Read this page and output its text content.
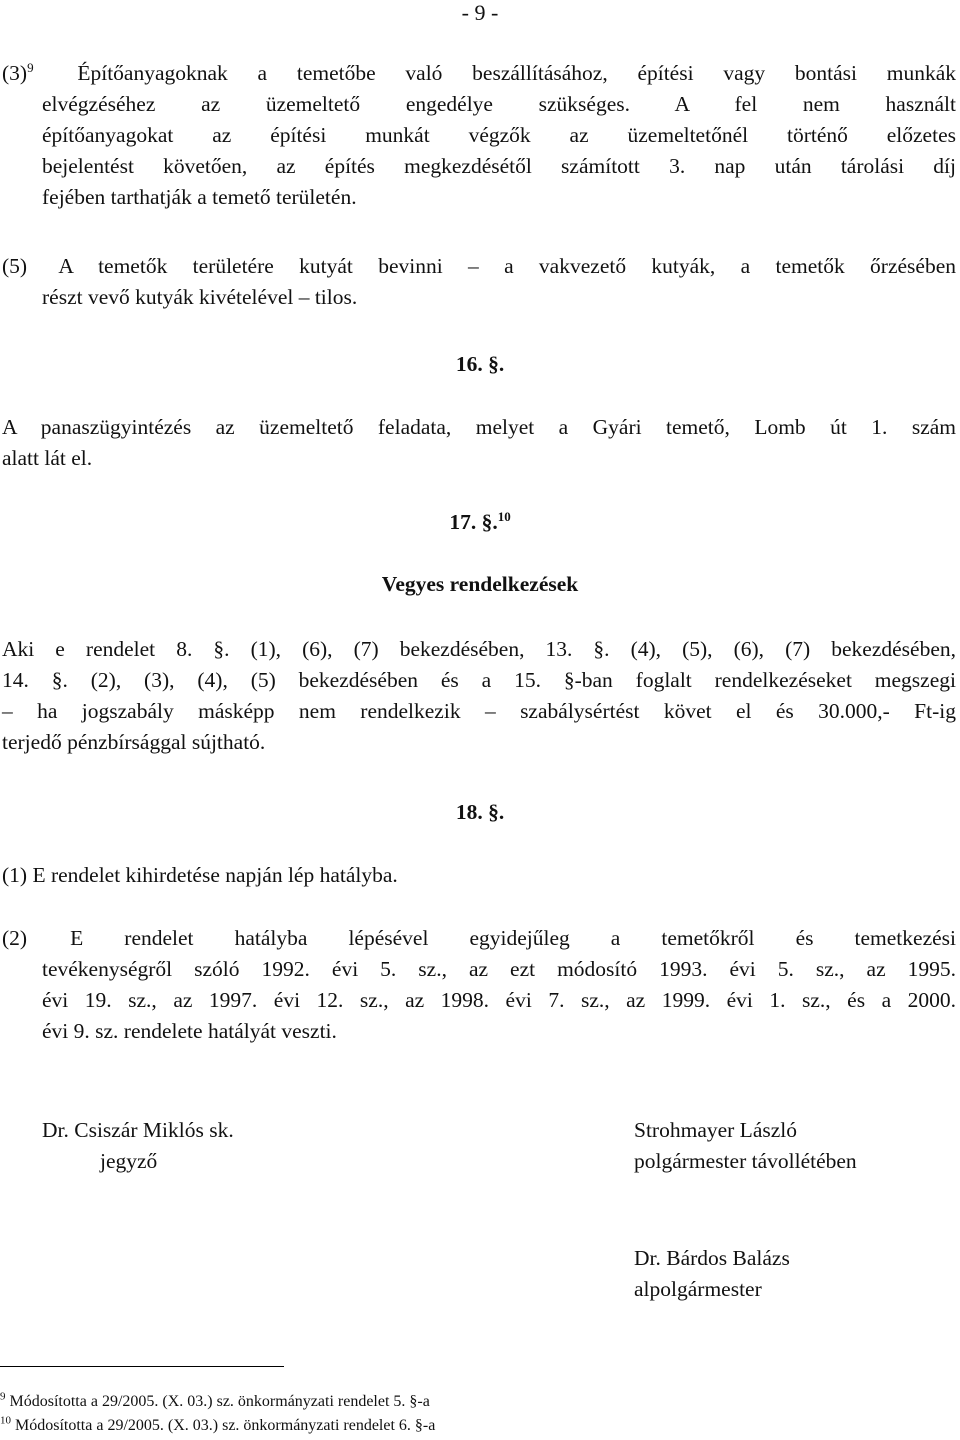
- 9 -

$(3)^9$ Építőanyagoknak a temetőbe való beszállításához, építési vagy bontási munkák

elvégzéséhez az üzemeltető engedélye szükséges. A fel nem használt

építőanyagokat az építési munkát végzők az üzemeltetőnél történő előzetes

bejelentést követően, az építés megkezdésétől számított 3. nap után tárolási díj

fejében tarthatják a temető területén.

(5) A temetők területére kutyát bevinni – a vakvezető kutyák, a temetők őrzésében

részt vevő kutyák kivételével – tilos.

16. §.

A panaszügyintézés az üzemeltető feladata, melyet a Gyári temető, Lomb út 1. szám

alatt lát el.

17. §.$^{10}$
Vegyes rendelkezések

Aki e rendelet 8. §. (1), (6), (7) bekezdésében, 13. §. (4), (5), (6), (7) bekezdésében,

14. §. (2), (3), (4), (5) bekezdésében és a 15. §-ban foglalt rendelkezéseket megszegi

– ha jogszabály másképp nem rendelkezik – szabálysértést követ el és 30.000,- Ft-ig

terjedő pénzbírsággal sújtható.

18. §.
(1) E rendelet kihirdetése napján lép hatályba.

(2) E rendelet hatályba lépésével egyidejűleg a temetőkről és temetkezési

tevékenységről szóló 1992. évi 5. sz., az ezt módosító 1993. évi 5. sz., az 1995.

évi 19. sz., az 1997. évi 12. sz., az 1998. évi 7. sz., az 1999. évi 1. sz., és a 2000.

évi 9. sz. rendelete hatályát veszti.

Dr. Csiszár Miklós sk.
jegyző
Strohmayer László
polgármester távollétében
Dr. Bárdos Balázs
alpolgármester
$^9$ Módosította a 29/2005. (X. 03.) sz. önkormányzati rendelet 5. §-a
$^{10}$ Módosította a 29/2005. (X. 03.) sz. önkormányzati rendelet 6. §-a
